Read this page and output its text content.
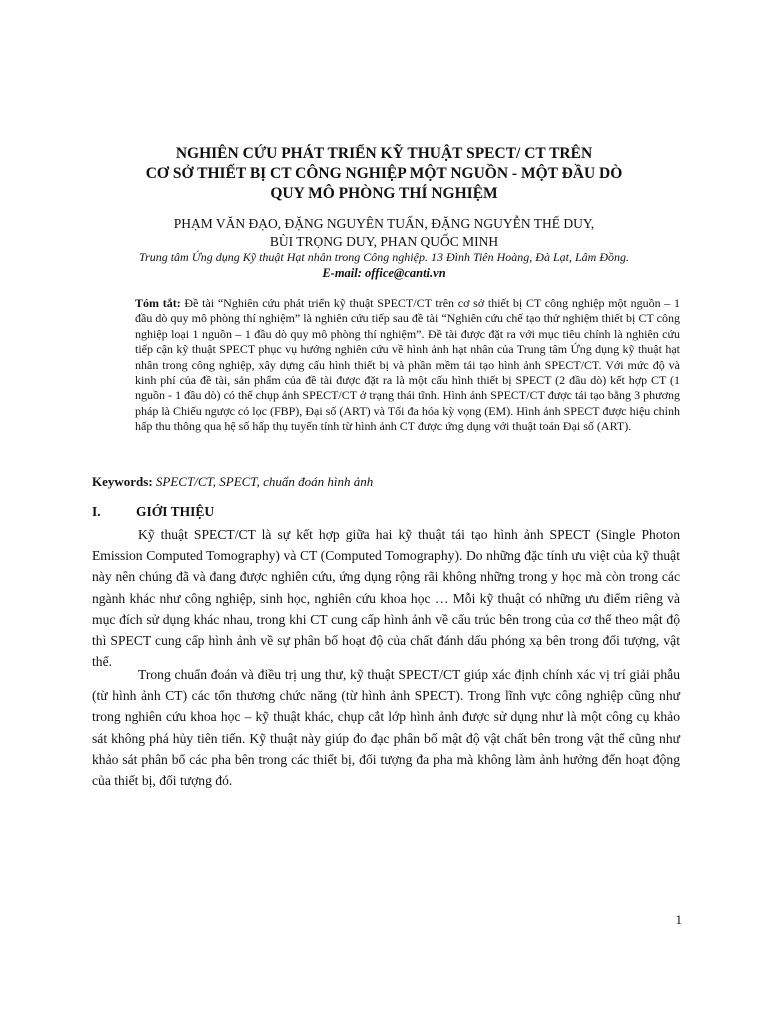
NGHIÊN CỨU PHÁT TRIỂN KỸ THUẬT SPECT/ CT TRÊN
CƠ SỞ THIẾT BỊ CT CÔNG NGHIỆP MỘT NGUỒN - MỘT ĐẦU DÒ
QUY MÔ PHÒNG THÍ NGHIỆM
PHẠM VĂN ĐẠO, ĐẶNG NGUYÊN TUẤN, ĐẶNG NGUYỄN THẾ DUY,
BÙI TRỌNG DUY, PHAN QUỐC MINH
Trung tâm Ứng dụng Kỹ thuật Hạt nhân trong Công nghiệp. 13 Đình Tiên Hoàng, Đà Lạt, Lâm Đồng.
E-mail: office@canti.vn
Tóm tắt: Đề tài “Nghiên cứu phát triển kỹ thuật SPECT/CT trên cơ sở thiết bị CT công nghiệp một nguồn – 1 đầu dò quy mô phòng thí nghiệm” là nghiên cứu tiếp sau đề tài “Nghiên cứu chế tạo thử nghiệm thiết bị CT công nghiệp loại 1 nguồn – 1 đầu dò quy mô phòng thí nghiệm”. Đề tài được đặt ra với mục tiêu chính là nghiên cứu tiếp cận kỹ thuật SPECT phục vụ hướng nghiên cứu về hình ảnh hạt nhân của Trung tâm Ứng dụng kỹ thuật hạt nhân trong công nghiệp, xây dựng cấu hình thiết bị và phần mềm tái tạo hình ảnh SPECT/CT. Với mức độ và kinh phí của đề tài, sản phẩm của đề tài được đặt ra là một cấu hình thiết bị SPECT (2 đầu dò) kết hợp CT (1 nguồn - 1 đầu dò) có thể chụp ảnh SPECT/CT ở trạng thái tĩnh. Hình ảnh SPECT/CT được tái tạo bằng 3 phương pháp là Chiếu ngược có lọc (FBP), Đại số (ART) và Tối đa hóa kỳ vọng (EM). Hình ảnh SPECT được hiệu chỉnh hấp thu thông qua hệ số hấp thụ tuyến tính từ hình ảnh CT được ứng dụng với thuật toán Đại số (ART).
Keywords: SPECT/CT, SPECT, chuẩn đoán hình ảnh
I.	GIỚI THIỆU
Kỹ thuật SPECT/CT là sự kết hợp giữa hai kỹ thuật tái tạo hình ảnh SPECT (Single Photon Emission Computed Tomography) và CT (Computed Tomography). Do những đặc tính ưu việt của kỹ thuật này nên chúng đã và đang được nghiên cứu, ứng dụng rộng rãi không những trong y học mà còn trong các ngành khác như công nghiệp, sinh học, nghiên cứu khoa học … Mỗi kỹ thuật có những ưu điểm riêng và mục đích sử dụng khác nhau, trong khi CT cung cấp hình ảnh về cấu trúc bên trong của cơ thể theo mật độ thì SPECT cung cấp hình ảnh về sự phân bố hoạt độ của chất đánh dấu phóng xạ bên trong đối tượng, vật thể.
Trong chuẩn đoán và điều trị ung thư, kỹ thuật SPECT/CT giúp xác định chính xác vị trí giải phẫu (từ hình ảnh CT) các tổn thương chức năng (từ hình ảnh SPECT). Trong lĩnh vực công nghiệp cũng như trong nghiên cứu khoa học – kỹ thuật khác, chụp cắt lớp hình ảnh được sử dụng như là một công cụ khảo sát không phá hủy tiên tiến. Kỹ thuật này giúp đo đạc phân bố mật độ vật chất bên trong vật thể cũng như khảo sát phân bố các pha bên trong các thiết bị, đối tượng đa pha mà không làm ảnh hưởng đến hoạt động của thiết bị, đối tượng đó.
1
